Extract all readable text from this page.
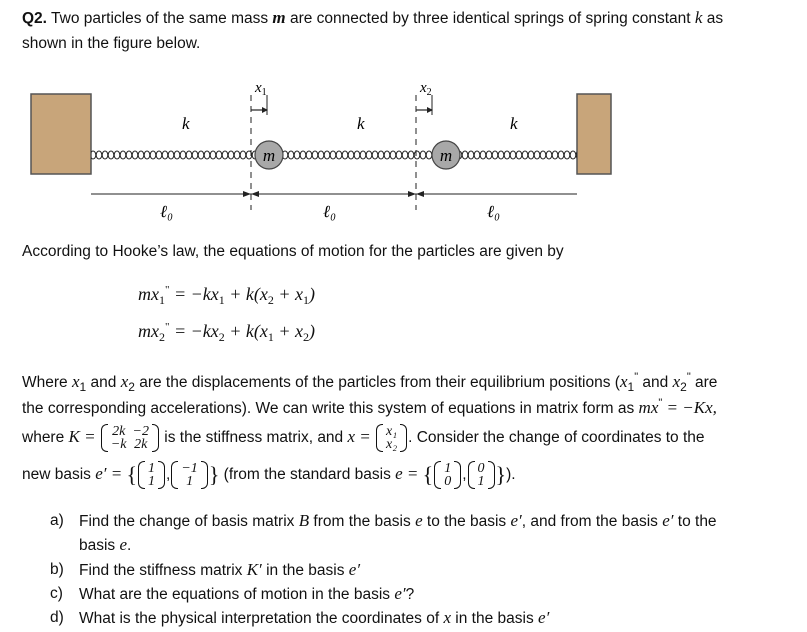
Q2. Two particles of the same mass m are connected by three identical springs of spring constant k as
shown in the figure below.
m	m
k	k	k
$x_1$	$x_2$
ℓ₀	ℓ₀	ℓ₀
According to Hooke’s law, the equations of motion for the particles are given by
$mx_1^" = -kx_1 + k(x_2 + x_1)$
$mx_2^" = -kx_2 + k(x_1 + x_2)$
Where $x_1$ and $x_2$ are the displacements of the particles from their equilibrium positions ($x_1^"$ and $x_2^"$ are
the corresponding accelerations). We can write this system of equations in matrix form as mx" = −Kx,
where K = 2k	−2
−k	2k is the stiffness matrix, and x = x₁
x₂ . Consider the change of coordinates to the
new basis e′ = { 1
1 , −1
1 } (from the standard basis e = { 1
0 , 0
1 }).
a) Find the change of basis matrix B from the basis e to the basis e′, and from the basis e′ to the
basis e.
b) Find the stiffness matrix K′ in the basis e′
c) What are the equations of motion in the basis e′?
d) What is the physical interpretation the coordinates of x in the basis e′
